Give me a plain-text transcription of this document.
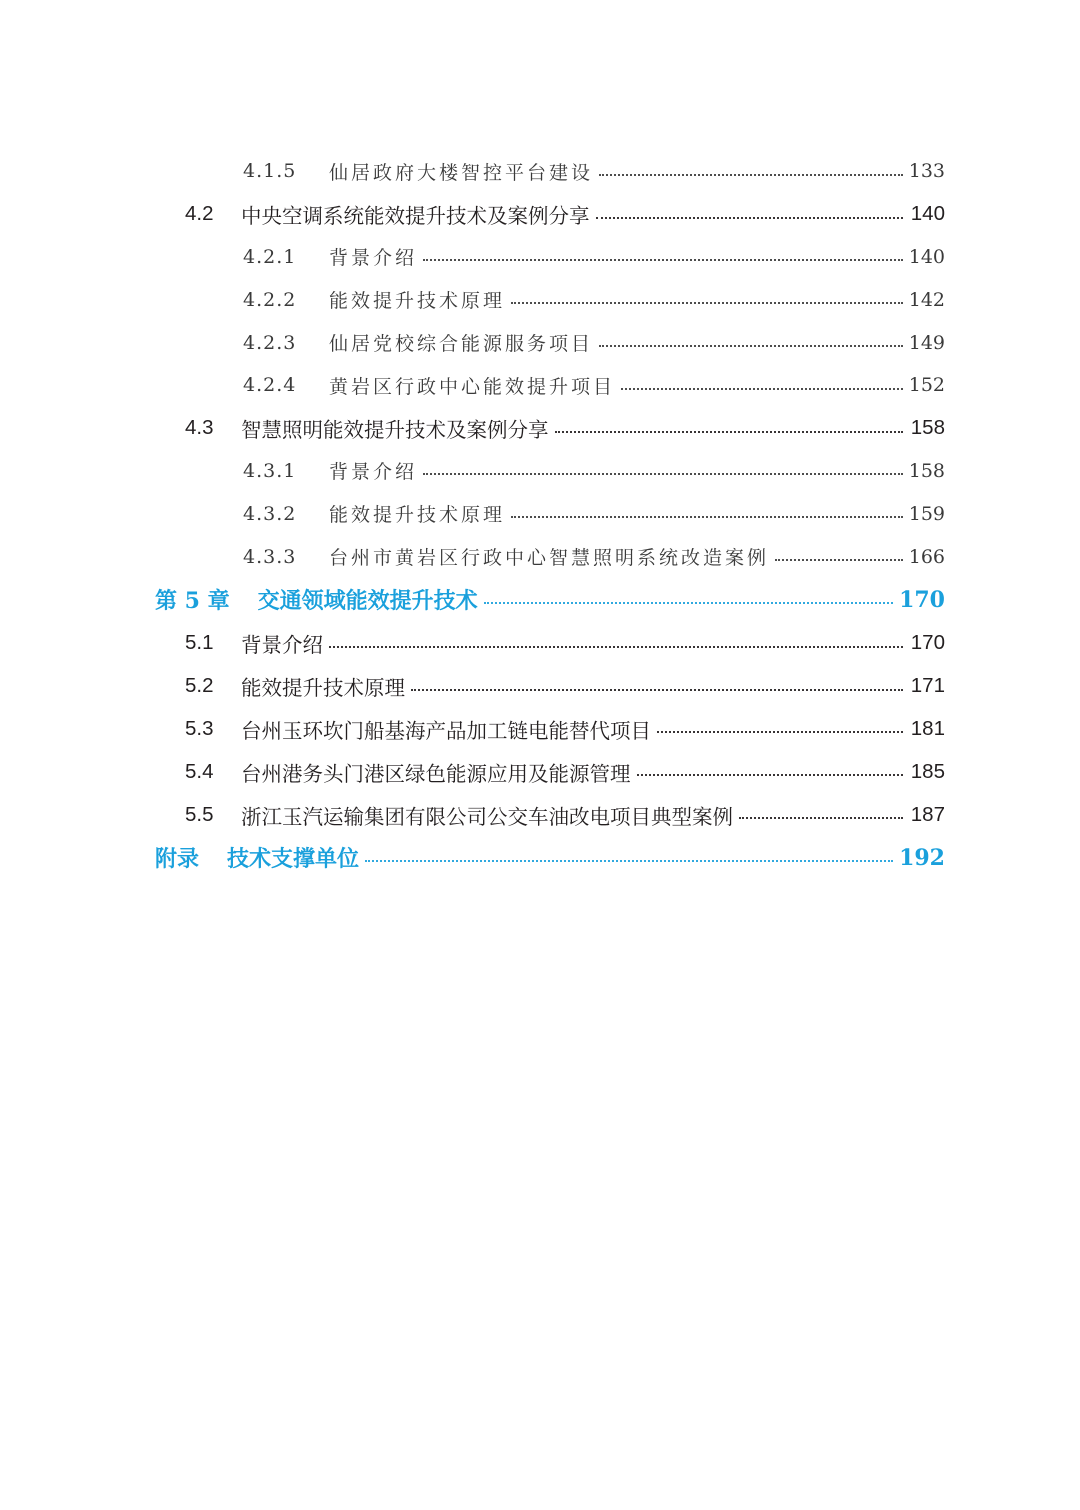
4.1.5	仙居政府大楼智控平台建设	133
4.2	中央空调系统能效提升技术及案例分享	140
4.2.1	背景介绍	140
4.2.2	能效提升技术原理	142
4.2.3	仙居党校综合能源服务项目	149
4.2.4	黄岩区行政中心能效提升项目	152
4.3	智慧照明能效提升技术及案例分享	158
4.3.1	背景介绍	158
4.3.2	能效提升技术原理	159
4.3.3	台州市黄岩区行政中心智慧照明系统改造案例	166
第 5 章 交通领域能效提升技术	170
5.1	背景介绍	170
5.2	能效提升技术原理	171
5.3	台州玉环坎门船基海产品加工链电能替代项目	181
5.4	台州港务头门港区绿色能源应用及能源管理	185
5.5	浙江玉汽运输集团有限公司公交车油改电项目典型案例	187
附录 技术支撑单位	192
